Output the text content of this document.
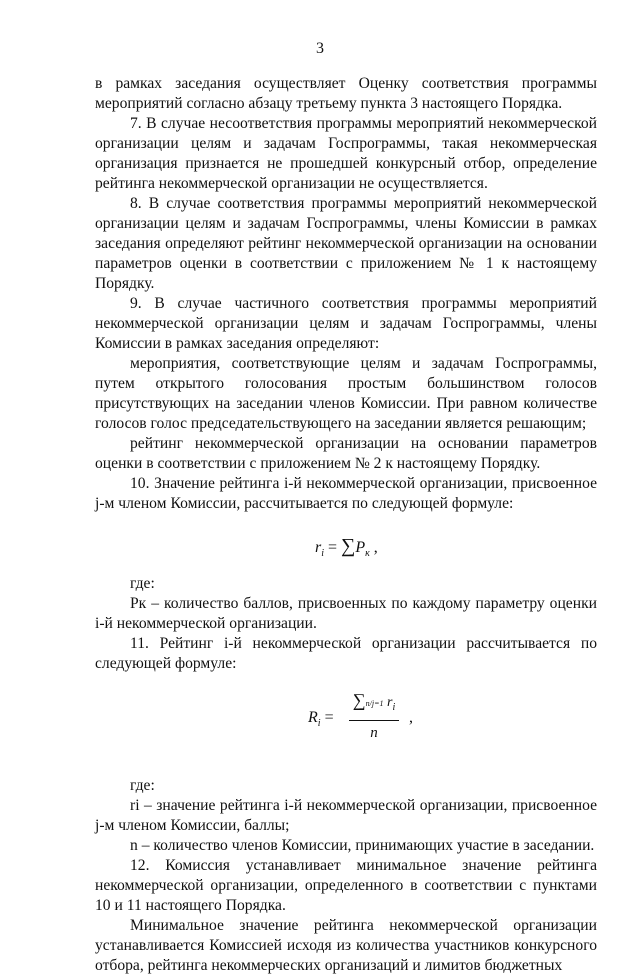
3

в рамках заседания осуществляет Оценку соответствия программы мероприятий согласно абзацу третьему пункта 3 настоящего Порядка.

7. В случае несоответствия программы мероприятий некоммерческой организации целям и задачам Госпрограммы, такая некоммерческая организация признается не прошедшей конкурсный отбор, определение рейтинга некоммерческой организации не осуществляется.

8. В случае соответствия программы мероприятий некоммерческой организации целям и задачам Госпрограммы, члены Комиссии в рамках заседания определяют рейтинг некоммерческой организации на основании параметров оценки в соответствии с приложением № 1 к настоящему Порядку.

9. В случае частичного соответствия программы мероприятий некоммерческой организации целям и задачам Госпрограммы, члены Комиссии в рамках заседания определяют:

мероприятия, соответствующие целям и задачам Госпрограммы, путем открытого голосования простым большинством голосов присутствующих на заседании членов Комиссии. При равном количестве голосов голос председательствующего на заседании является решающим;

рейтинг некоммерческой организации на основании параметров оценки в соответствии с приложением № 2 к настоящему Порядку.

10. Значение рейтинга i-й некоммерческой организации, присвоенное j-м членом Комиссии, рассчитывается по следующей формуле:

$r_i = \sum P_к$ ,

где:

Pк – количество баллов, присвоенных по каждому параметру оценки i-й некоммерческой организации.

11. Рейтинг i-й некоммерческой организации рассчитывается по следующей формуле:

$R_i$ =
∑n/j=1 $r_i$
n
,

где:

ri – значение рейтинга i-й некоммерческой организации, присвоенное j-м членом Комиссии, баллы;

n – количество членов Комиссии, принимающих участие в заседании.

12. Комиссия устанавливает минимальное значение рейтинга некоммерческой организации, определенного в соответствии с пунктами 10 и 11 настоящего Порядка.

Минимальное значение рейтинга некоммерческой организации устанавливается Комиссией исходя из количества участников конкурсного отбора, рейтинга некоммерческих организаций и лимитов бюджетных
